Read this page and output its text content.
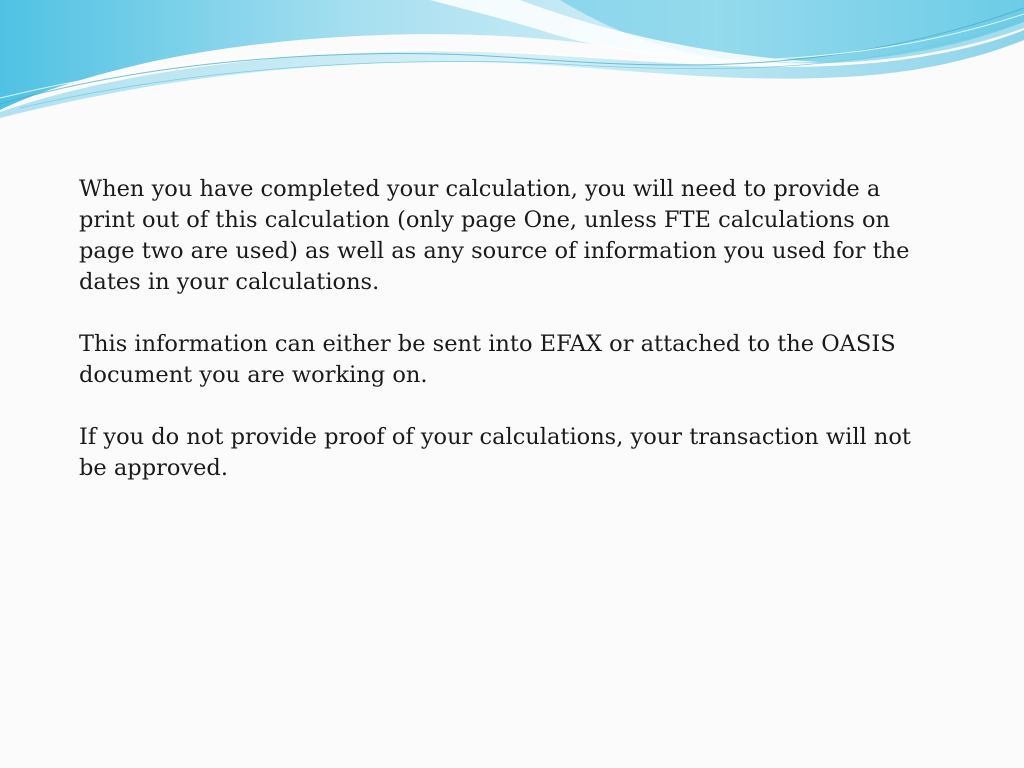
When you have completed your calculation, you will need to provide a print out of this calculation (only page One, unless FTE calculations on page two are used) as well as any source of information you used for the dates in your calculations.

This information can either be sent into EFAX or attached to the OASIS document you are working on.

If you do not provide proof of your calculations, your transaction will not be approved.
